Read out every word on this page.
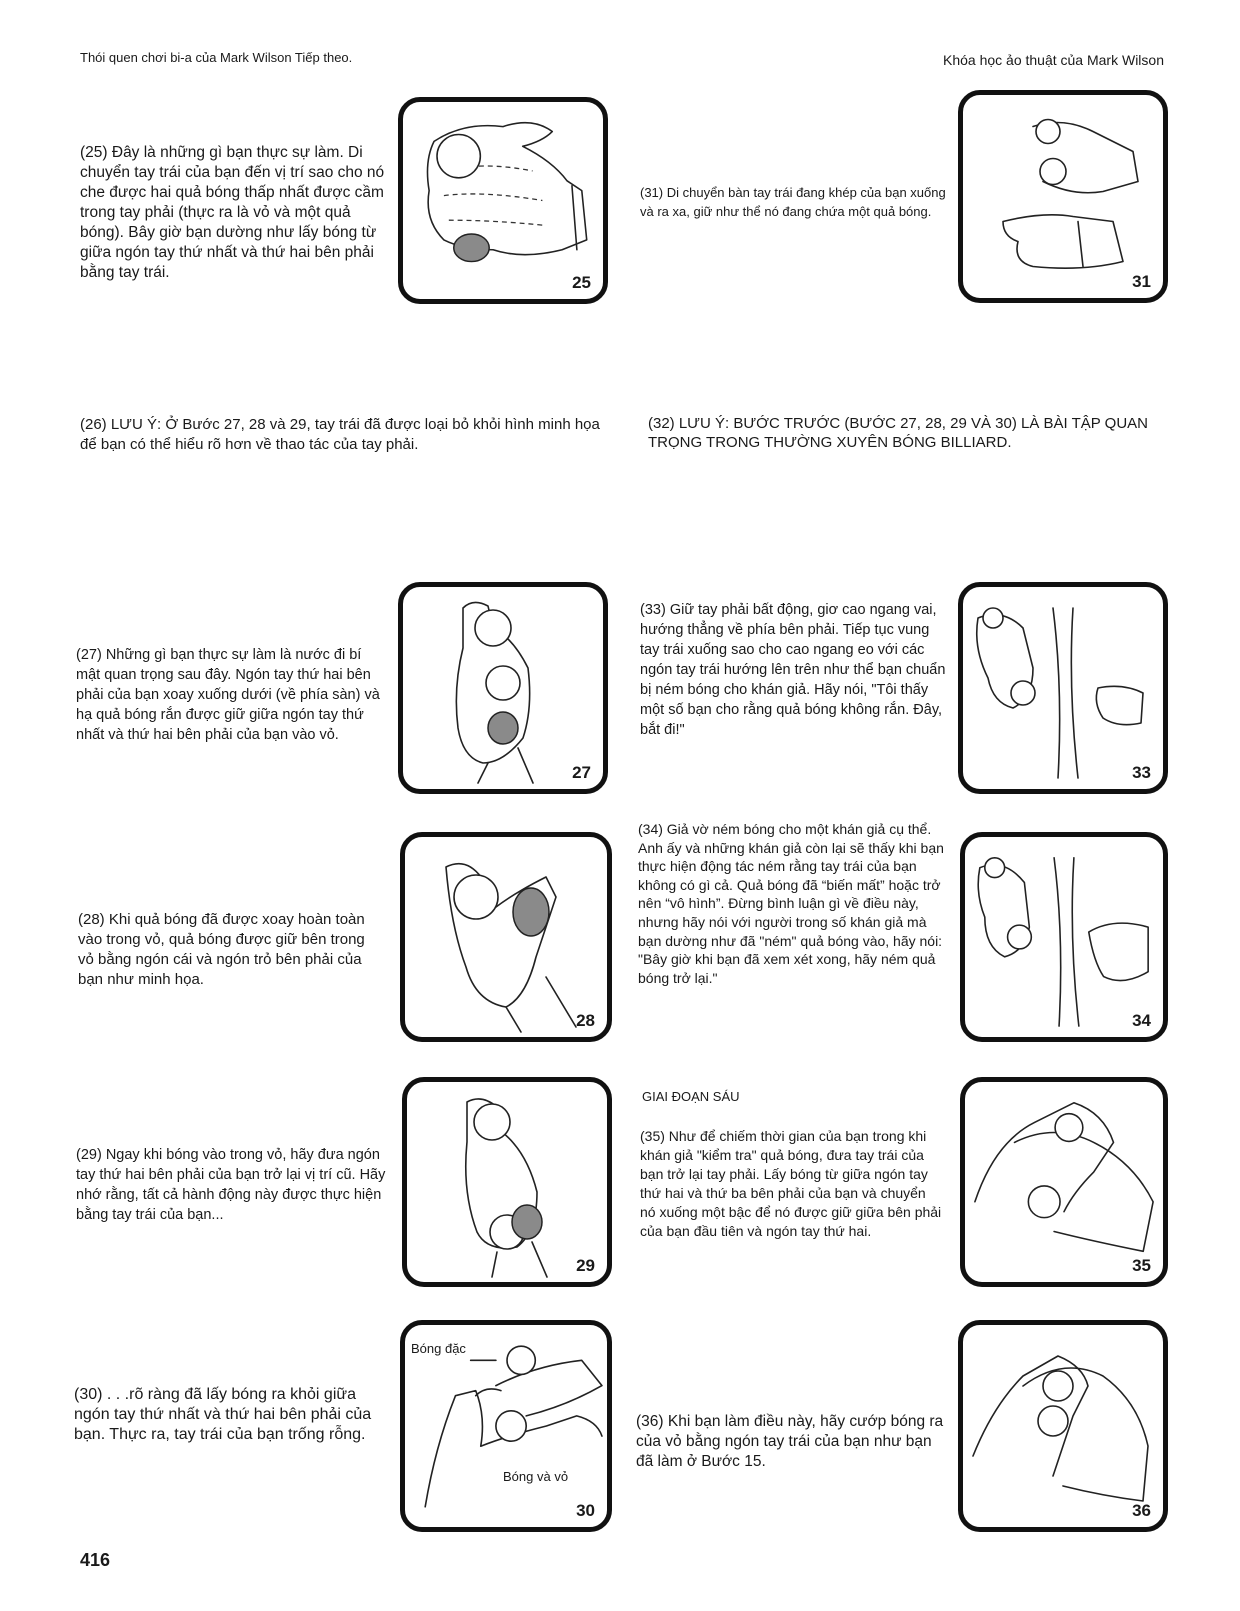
Thói quen chơi bi-a của Mark Wilson Tiếp theo.	Khóa học ảo thuật của Mark Wilson
(25) Đây là những gì bạn thực sự làm. Di chuyển tay trái của bạn đến vị trí sao cho nó che được hai quả bóng thấp nhất được cầm trong tay phải (thực ra là vỏ và một quả bóng). Bây giờ bạn dường như lấy bóng từ giữa ngón tay thứ nhất và thứ hai bên phải bằng tay trái.
(26) LƯU Ý: Ở Bước 27, 28 và 29, tay trái đã được loại bỏ khỏi hình minh họa để bạn có thể hiểu rõ hơn về thao tác của tay phải.
(27) Những gì bạn thực sự làm là nước đi bí mật quan trọng sau đây. Ngón tay thứ hai bên phải của bạn xoay xuống dưới (về phía sàn) và hạ quả bóng rắn được giữ giữa ngón tay thứ nhất và thứ hai bên phải của bạn vào vỏ.
(28) Khi quả bóng đã được xoay hoàn toàn vào trong vỏ, quả bóng được giữ bên trong vỏ bằng ngón cái và ngón trỏ bên phải của bạn như minh họa.
(29) Ngay khi bóng vào trong vỏ, hãy đưa ngón tay thứ hai bên phải của bạn trở lại vị trí cũ. Hãy nhớ rằng, tất cả hành động này được thực hiện bằng tay trái của bạn...
(30) . . .rõ ràng đã lấy bóng ra khỏi giữa ngón tay thứ nhất và thứ hai bên phải của bạn. Thực ra, tay trái của bạn trống rỗng.
(31) Di chuyển bàn tay trái đang khép của bạn xuống và ra xa, giữ như thể nó đang chứa một quả bóng.
(32) LƯU Ý: BƯỚC TRƯỚC (BƯỚC 27, 28, 29 VÀ 30) LÀ BÀI TẬP QUAN TRỌNG TRONG THƯỜNG XUYÊN BÓNG BILLIARD.
(33) Giữ tay phải bất động, giơ cao ngang vai, hướng thẳng về phía bên phải. Tiếp tục vung tay trái xuống sao cho cao ngang eo với các ngón tay trái hướng lên trên như thể bạn chuẩn bị ném bóng cho khán giả. Hãy nói, "Tôi thấy một số bạn cho rằng quả bóng không rắn. Đây, bắt đi!"
(34) Giả vờ ném bóng cho một khán giả cụ thể. Anh ấy và những khán giả còn lại sẽ thấy khi bạn thực hiện động tác ném rằng tay trái của bạn không có gì cả. Quả bóng đã “biến mất” hoặc trở nên “vô hình”. Đừng bình luận gì về điều này, nhưng hãy nói với người trong số khán giả mà bạn dường như đã "ném" quả bóng vào, hãy nói: "Bây giờ khi bạn đã xem xét xong, hãy ném quả bóng trở lại."
GIAI ĐOẠN SÁU
(35) Như để chiếm thời gian của bạn trong khi khán giả "kiểm tra" quả bóng, đưa tay trái của bạn trở lại tay phải. Lấy bóng từ giữa ngón tay thứ hai và thứ ba bên phải của bạn và chuyển nó xuống một bậc để nó được giữ giữa bên phải của bạn đầu tiên và ngón tay thứ hai.
(36) Khi bạn làm điều này, hãy cướp bóng ra của vỏ bằng ngón tay trái của bạn như bạn đã làm ở Bước 15.
25	31
27	33
28	34
29	35
Bóng đặc
Bóng và vỏ
30	36
416
